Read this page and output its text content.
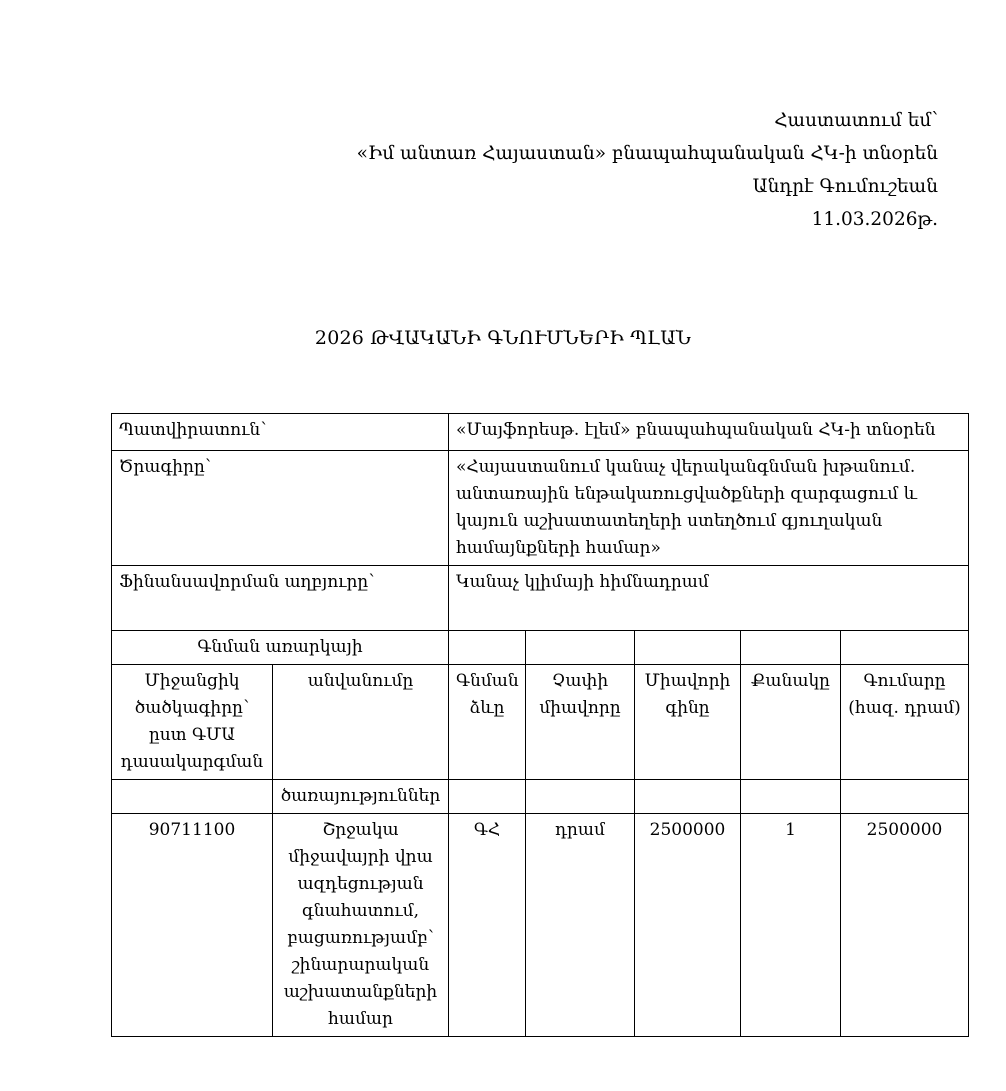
Հաստատում եմ՝
«Իմ անտառ Հայաստան» բնապահպանական ՀԿ-ի տնօրեն
Անդրէ Գումուշեան
11.03.2026թ.
2026 ԹՎԱԿԱՆԻ ԳՆՈՒՄՆԵՐԻ ՊԼԱՆ
Պատվիրատուն՝		«Մայֆորեսթ. էլեմ» բնապահպանական ՀԿ-ի տնօրեն				
Ծրագիրը՝		«Հայաստանում կանաչ վերականգնման խթանում. անտառային ենթակառուցվածքների զարգացում և կայուն աշխատատեղերի ստեղծում գյուղական համայնքների համար»				
Ֆինանսավորման աղբյուրը՝		Կանաչ կլիմայի հիմնադրամ				
Գնման առարկայի						
Միջանցիկ ծածկագիրը՝ ըստ ԳՄԱ դասակարգման	անվանումը	Գնման ձևը	Չափի միավորը	Միավորի գինը	Քանակը	Գումարը (հազ. դրամ)
	ծառայություններ					
90711100	Շրջակա միջավայրի վրա ազդեցության գնահատում, բացառությամբ՝ շինարարական աշխատանքների համար	ԳՀ	դրամ	2500000	1	2500000
